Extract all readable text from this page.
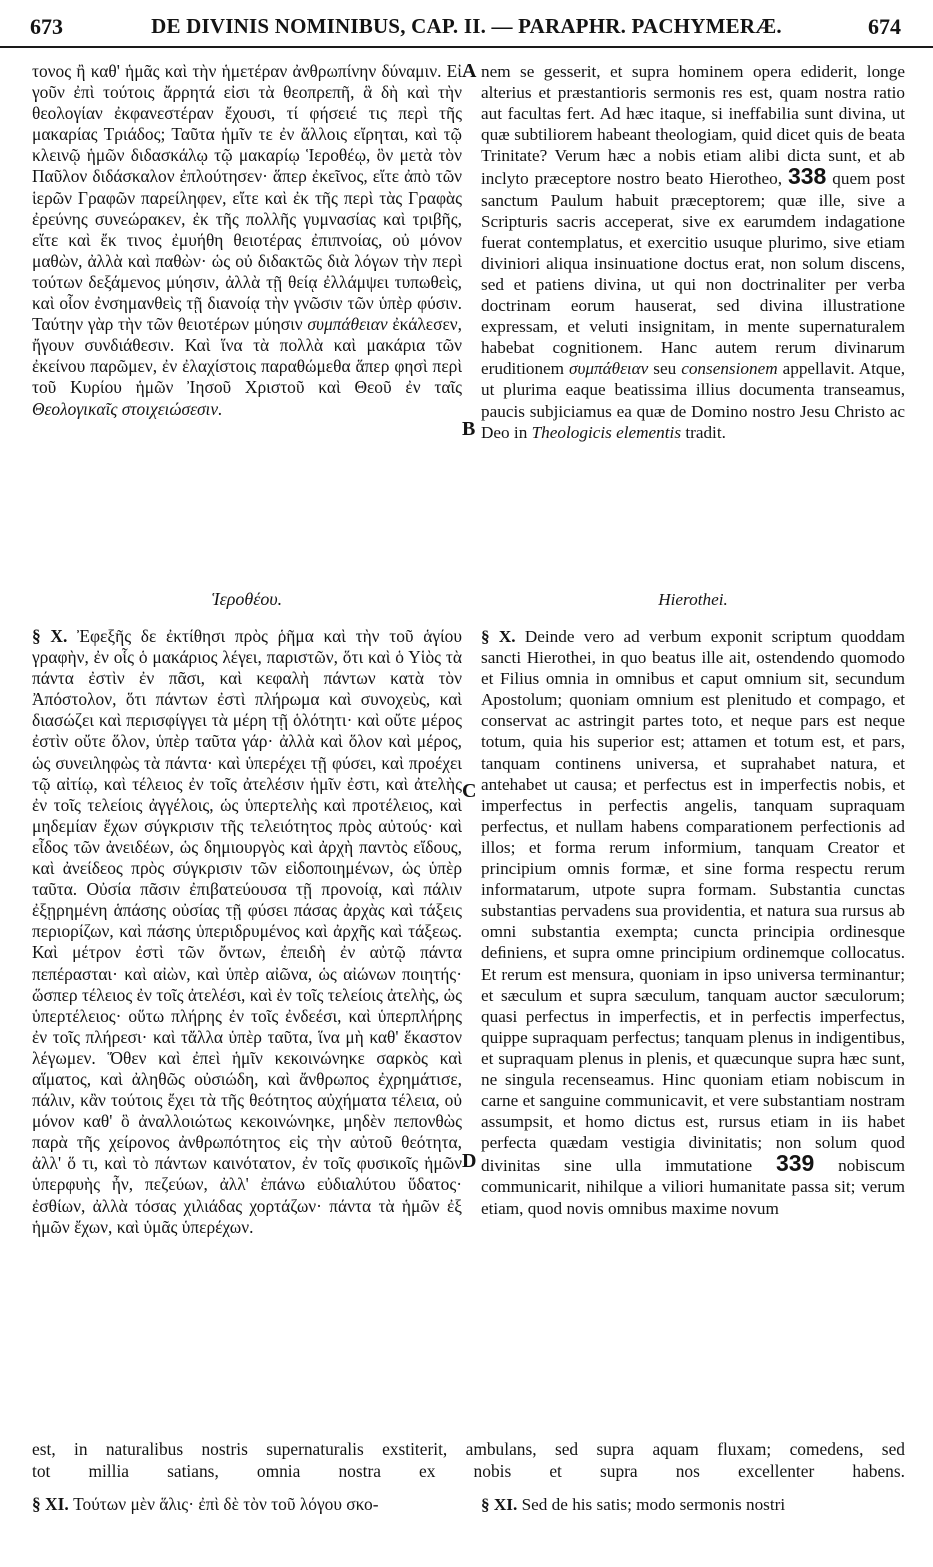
673	DE DIVINIS NOMINIBUS, CAP. II. — PARAPHR. PACHYMERÆ.	674
A
B
C
D

τονος ἢ καθ' ἡμᾶς καὶ τὴν ἡμετέραν ἀνθρωπίνην δύναμιν. Εἰ γοῦν ἐπὶ τούτοις ἄρρητά εἰσι τὰ θεοπρεπῆ, ἃ δὴ καὶ τὴν θεολογίαν ἐκφανεστέραν ἔχουσι, τί φήσειέ τις περὶ τῆς μακαρίας Τριάδος; Ταῦτα ἡμῖν τε ἐν ἄλλοις εἴρηται, καὶ τῷ κλεινῷ ἡμῶν διδασκάλῳ τῷ μακαρίῳ Ἱεροθέῳ, ὃν μετὰ τὸν Παῦλον διδάσκαλον ἐπλούτησεν· ἅπερ ἐκεῖνος, εἴτε ἀπὸ τῶν ἱερῶν Γραφῶν παρείληφεν, εἴτε καὶ ἐκ τῆς περὶ τὰς Γραφὰς ἐρεύνης συνεώρακεν, ἐκ τῆς πολλῆς γυμνασίας καὶ τριβῆς, εἴτε καὶ ἔκ τινος ἐμυήθη θειοτέρας ἐπιπνοίας, οὐ μόνον μαθὼν, ἀλλὰ καὶ παθὼν· ὡς οὐ διδακτῶς διὰ λόγων τὴν περὶ τούτων δεξάμενος μύησιν, ἀλλὰ τῇ θείᾳ ἐλλάμψει τυπωθεὶς, καὶ οἷον ἐνσημανθεὶς τῇ διανοίᾳ τὴν γνῶσιν τῶν ὑπὲρ φύσιν. Ταύτην γὰρ τὴν τῶν θειοτέρων μύησιν συμπάθειαν ἐκάλεσεν, ἤγουν συνδιάθεσιν. Καὶ ἵνα τὰ πολλὰ καὶ μακάρια τῶν ἐκείνου παρῶμεν, ἐν ἐλαχίστοις παραθώμεθα ἅπερ φησὶ περὶ τοῦ Κυρίου ἡμῶν Ἰησοῦ Χριστοῦ καὶ Θεοῦ ἐν ταῖς Θεολογικαῖς στοιχειώσεσιν.

Ἱεροθέου.

§ X. Ἐφεξῆς δε ἐκτίθησι πρὸς ῥῆμα καὶ τὴν τοῦ ἁγίου γραφὴν, ἐν οἷς ὁ μακάριος λέγει, παριστῶν, ὅτι καὶ ὁ Υἱὸς τὰ πάντα ἐστὶν ἐν πᾶσι, καὶ κεφαλὴ πάντων κατὰ τὸν Ἀπόστολον, ὅτι πάντων ἐστὶ πλήρωμα καὶ συνοχεὺς, καὶ διασώζει καὶ περισφίγγει τὰ μέρη τῇ ὁλότητι· καὶ οὔτε μέρος ἐστὶν οὔτε ὅλον, ὑπὲρ ταῦτα γάρ· ἀλλὰ καὶ ὅλον καὶ μέρος, ὡς συνειληφὼς τὰ πάντα· καὶ ὑπερέχει τῇ φύσει, καὶ προέχει τῷ αἰτίῳ, καὶ τέλειος ἐν τοῖς ἀτελέσιν ἡμῖν ἐστι, καὶ ἀτελὴς ἐν τοῖς τελείοις ἀγγέλοις, ὡς ὑπερτελὴς καὶ προτέλειος, καὶ μηδεμίαν ἔχων σύγκρισιν τῆς τελειότητος πρὸς αὐτούς· καὶ εἶδος τῶν ἀνειδέων, ὡς δημιουργὸς καὶ ἀρχὴ παντὸς εἴδους, καὶ ἀνείδεος πρὸς σύγκρισιν τῶν εἰδοποιημένων, ὡς ὑπὲρ ταῦτα. Οὐσία πᾶσιν ἐπιβατεύουσα τῇ προνοίᾳ, καὶ πάλιν ἐξῃρημένη ἁπάσης οὐσίας τῇ φύσει πάσας ἀρχὰς καὶ τάξεις περιορίζων, καὶ πάσης ὑπεριδρυμένος καὶ ἀρχῆς καὶ τάξεως. Καὶ μέτρον ἐστὶ τῶν ὄντων, ἐπειδὴ ἐν αὐτῷ πάντα πεπέρασται· καὶ αἰὼν, καὶ ὑπὲρ αἰῶνα, ὡς αἰώνων ποιητής· ὥσπερ τέλειος ἐν τοῖς ἀτελέσι, καὶ ἐν τοῖς τελείοις ἀτελὴς, ὡς ὑπερτέλειος· οὕτω πλήρης ἐν τοῖς ἐνδεέσι, καὶ ὑπερπλήρης ἐν τοῖς πλήρεσι· καὶ τἄλλα ὑπὲρ ταῦτα, ἵνα μὴ καθ' ἕκαστον λέγωμεν. Ὅθεν καὶ ἐπεὶ ἡμῖν κεκοινώνηκε σαρκὸς καὶ αἵματος, καὶ ἀληθῶς οὐσιώδη, καὶ ἄνθρωπος ἐχρημάτισε, πάλιν, κἂν τούτοις ἔχει τὰ τῆς θεότητος αὐχήματα τέλεια, οὐ μόνον καθ' ὃ ἀναλλοιώτως κεκοινώνηκε, μηδὲν πεπονθὼς παρὰ τῆς χείρονος ἀνθρωπότητος εἰς τὴν αὐτοῦ θεότητα, ἀλλ' ὅ τι, καὶ τὸ πάντων καινότατον, ἐν τοῖς φυσικοῖς ἡμῶν ὑπερφυὴς ἦν, πεζεύων, ἀλλ' ἐπάνω εὐδιαλύτου ὕδατος· ἐσθίων, ἀλλὰ τόσας χιλιάδας χορτάζων· πάντα τὰ ἡμῶν ἐξ ἡμῶν ἔχων, καὶ ὑμᾶς ὑπερέχων.

nem se gesserit, et supra hominem opera ediderit, longe alterius et præstantioris sermonis res est, quam nostra ratio aut facultas fert. Ad hæc itaque, si ineffabilia sunt divina, ut quæ subtiliorem habeant theologiam, quid dicet quis de beata Trinitate? Verum hæc a nobis etiam alibi dicta sunt, et ab inclyto præceptore nostro beato Hierotheo, 338 quem post sanctum Paulum habuit præceptorem; quæ ille, sive a Scripturis sacris acceperat, sive ex earumdem indagatione fuerat contemplatus, et exercitio usuque plurimo, sive etiam diviniori aliqua insinuatione doctus erat, non solum discens, sed et patiens divina, ut qui non doctrinaliter per verba doctrinam eorum hauserat, sed divina illustratione expressam, et veluti insignitam, in mente supernaturalem habebat cognitionem. Hanc autem rerum divinarum eruditionem συμπάθειαν seu consensionem appellavit. Atque, ut plurima eaque beatissima illius documenta transeamus, paucis subjiciamus ea quæ de Domino nostro Jesu Christo ac Deo in Theologicis elementis tradit.

Hierothei.

§ X. Deinde vero ad verbum exponit scriptum quoddam sancti Hierothei, in quo beatus ille ait, ostendendo quomodo et Filius omnia in omnibus et caput omnium sit, secundum Apostolum; quoniam omnium est plenitudo et compago, et conservat ac astringit partes toto, et neque pars est neque totum, quia his superior est; attamen et totum est, et pars, tanquam continens universa, et suprahabet natura, et antehabet ut causa; et perfectus est in imperfectis nobis, et imperfectus in perfectis angelis, tanquam supraquam perfectus, et nullam habens comparationem perfectionis ad illos; et forma rerum informium, tanquam Creator et principium omnis formæ, et sine forma respectu rerum informatarum, utpote supra formam. Substantia cunctas substantias pervadens sua providentia, et natura sua rursus ab omni substantia exempta; cuncta principia ordinesque deﬁniens, et supra omne principium ordinemque collocatus. Et rerum est mensura, quoniam in ipso universa terminantur; et sæculum et supra sæculum, tanquam auctor sæculorum; quasi perfectus in imperfectis, et in perfectis imperfectus, quippe supraquam perfectus; tanquam plenus in indigentibus, et supraquam plenus in plenis, et quæcunque supra hæc sunt, ne singula recenseamus. Hinc quoniam etiam nobiscum in carne et sanguine communicavit, et vere substantiam nostram assumpsit, et homo dictus est, rursus etiam in iis habet perfecta quædam vestigia divinitatis; non solum quod divinitas sine ulla immutatione 339 nobiscum communicarit, nihilque a viliori humanitate passa sit; verum etiam, quod novis omnibus maxime novum

est, in naturalibus nostris supernaturalis exstiterit, ambulans, sed supra aquam fluxam; comedens, sed
tot millia satians, omnia nostra ex nobis et supra nos excellenter habens.

§ XI. Τούτων μὲν ἅλις· ἐπὶ δὲ τὸν τοῦ λόγου σκο-	§ XI. Sed de his satis; modo sermonis nostri
